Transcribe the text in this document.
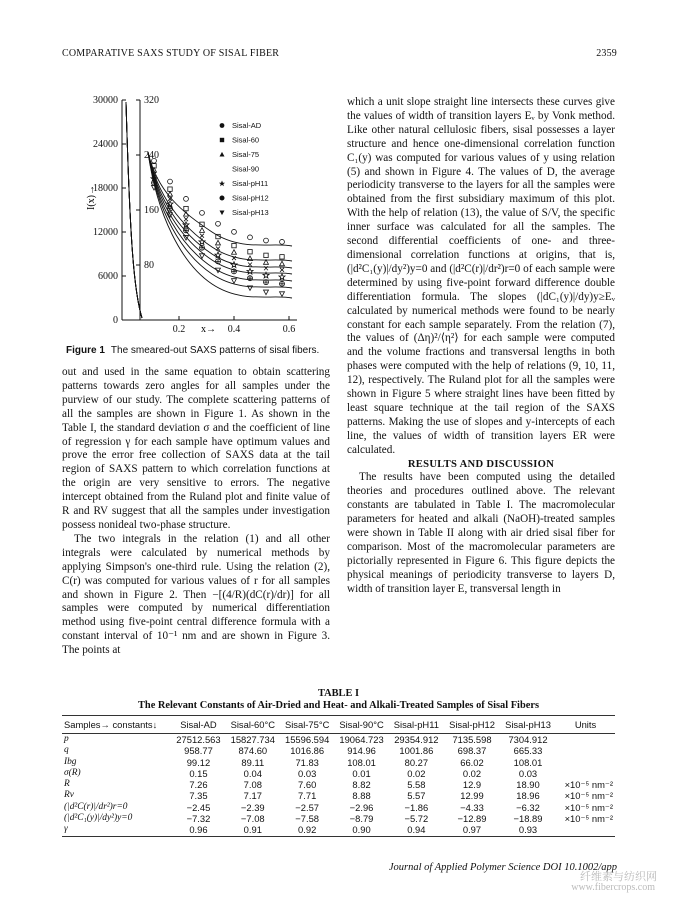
COMPARATIVE SAXS STUDY OF SISAL FIBER	2359
30000
24000
18000
12000
6000
0
320
240
160
80
0.2	0.4	0.6
x→
I(x)→
Sisal-AD
Sisal-60
Sisal-75
Sisal-90
Sisal-pH11
Sisal-pH12
Sisal-pH13
Figure 1 The smeared-out SAXS patterns of sisal fibers.

out and used in the same equation to obtain scattering patterns towards zero angles for all samples under the purview of our study. The complete scattering patterns of all the samples are shown in Figure 1. As shown in the Table I, the standard deviation σ and the coefficient of line of regression γ for each sample have optimum values and prove the error free collection of SAXS data at the tail region of SAXS pattern to which correlation functions at the origin are very sensitive to errors. The negative intercept obtained from the Ruland plot and finite value of R and RV suggest that all the samples under investigation possess nonideal two-phase structure.

The two integrals in the relation (1) and all other integrals were calculated by numerical methods by applying Simpson's one-third rule. Using the relation (2), C(r) was computed for various values of r for all samples and shown in Figure 2. Then −[(4/R)(dC(r)/dr)] for all samples were computed by numerical differentiation method using five-point central difference formula with a constant interval of 10⁻¹ nm and are shown in Figure 3. The points at

which a unit slope straight line intersects these curves give the values of width of transition layers Eᵥ by Vonk method. Like other natural cellulosic fibers, sisal possesses a layer structure and hence one-dimensional correlation function C₁(y) was computed for various values of y using relation (5) and shown in Figure 4. The values of D, the average periodicity transverse to the layers for all the samples were obtained from the first subsidiary maximum of this plot. With the help of relation (13), the value of S/V, the specific inner surface was calculated for all the samples. The second differential coefficients of one- and three-dimensional correlation functions at origins, that is, (|d²C₁(y)|/dy²)y=0 and (|d²C(r)|/dr²)r=0 of each sample were determined by using five-point forward difference double differentiation formula. The slopes (|dC₁(y)|/dy)y≥Eᵥ calculated by numerical methods were found to be nearly constant for each sample separately. From the relation (7), the values of (Δη)²/⟨η²⟩ for each sample were computed and the volume fractions and transversal lengths in both phases were computed with the help of relations (9, 10, 11, 12), respectively. The Ruland plot for all the samples were shown in Figure 5 where straight lines have been fitted by least square technique at the tail region of the SAXS patterns. Making the use of slopes and y-intercepts of each line, the values of width of transition layers ER were calculated.

RESULTS AND DISCUSSION

The results have been computed using the detailed theories and procedures outlined above. The relevant constants are tabulated in Table I. The macromolecular parameters for heated and alkali (NaOH)-treated samples were shown in Table II along with air dried sisal fiber for comparison. Most of the macromolecular parameters are pictorially represented in Figure 6. This figure depicts the physical meanings of periodicity transverse to layers D, width of transition layer E, transversal length in

TABLE I
The Relevant Constants of Air-Dried and Heat- and Alkali-Treated Samples of Sisal Fibers
Samples→ constants↓	Sisal-AD	Sisal-60°C	Sisal-75°C	Sisal-90°C	Sisal-pH11	Sisal-pH12	Sisal-pH13	Units
p	27512.563	15827.734	15596.594	19064.723	29354.912	7135.598	7304.912	
q	958.77	874.60	1016.86	914.96	1001.86	698.37	665.33	
Ibg	99.12	89.11	71.83	108.01	80.27	66.02	108.01	
σ(R)	0.15	0.04	0.03	0.01	0.02	0.02	0.03	
R	7.26	7.08	7.60	8.82	5.58	12.9	18.90	×10⁻⁵ nm⁻²
Rv	7.35	7.17	7.71	8.88	5.57	12.99	18.96	×10⁻⁵ nm⁻²
(|d²C(r)|/dr²)r=0	−2.45	−2.39	−2.57	−2.96	−1.86	−4.33	−6.32	×10⁻⁵ nm⁻²
(|d²C₁(y)|/dy²)y=0	−7.32	−7.08	−7.58	−8.79	−5.72	−12.89	−18.89	×10⁻⁵ nm⁻²
γ	0.96	0.91	0.92	0.90	0.94	0.97	0.93	
Journal of Applied Polymer Science DOI 10.1002/app
纤维素与纺织网
www.fibercrops.com
